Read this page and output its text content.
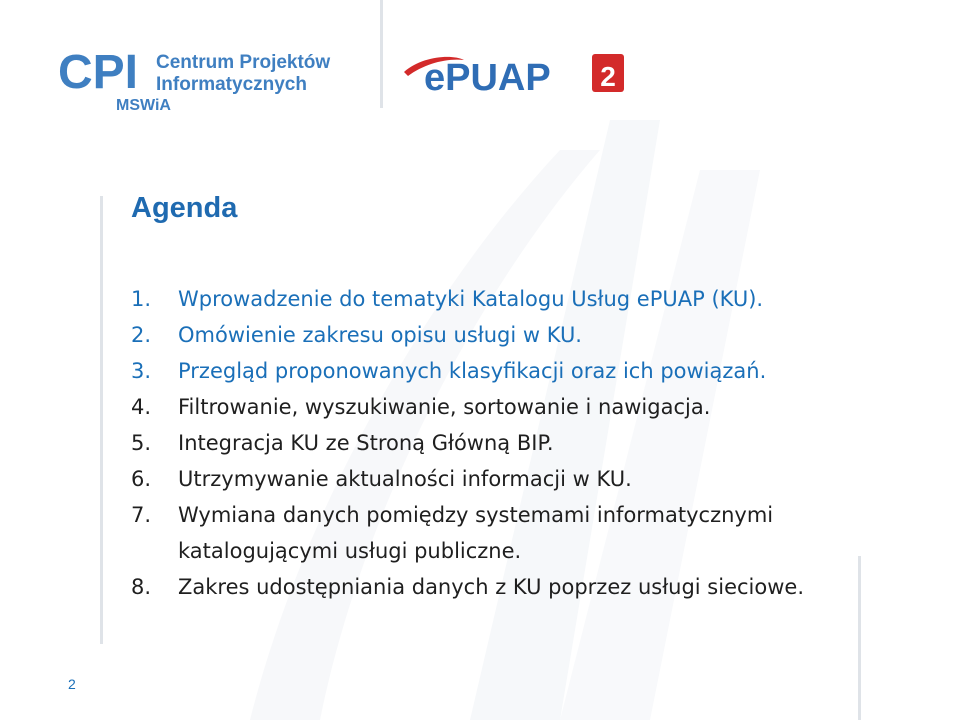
CPI Centrum Projektów
Informatycznych
MSWiA
ePUAP 2
Agenda
1. Wprowadzenie do tematyki Katalogu Usług ePUAP (KU).
2. Omówienie zakresu opisu usługi w KU.
3. Przegląd proponowanych klasyfikacji oraz ich powiązań.
4. Filtrowanie, wyszukiwanie, sortowanie i nawigacja.
5. Integracja KU ze Stroną Główną BIP.
6. Utrzymywanie aktualności informacji w KU.
7. Wymiana danych pomiędzy systemami informatycznymi katalogującymi usługi publiczne.
8. Zakres udostępniania danych z KU poprzez usługi sieciowe.
2
